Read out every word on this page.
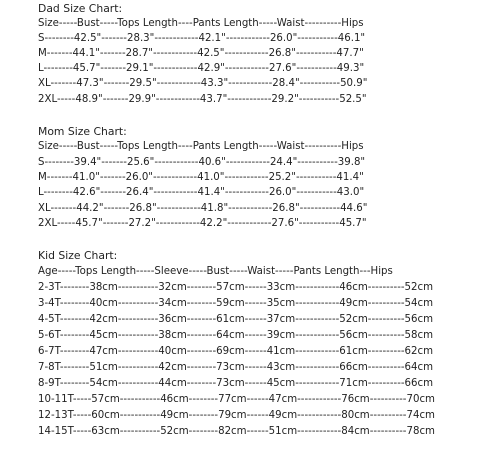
Dad Size Chart:
Size-----Bust-----Tops Length----Pants Length-----Waist----------Hips
S--------42.5"-------28.3"------------42.1"------------26.0"-----------46.1"
M-------44.1"-------28.7"------------42.5"------------26.8"-----------47.7"
L--------45.7"-------29.1"------------42.9"------------27.6"-----------49.3"
XL-------47.3"-------29.5"------------43.3"------------28.4"-----------50.9"
2XL-----48.9"-------29.9"------------43.7"------------29.2"-----------52.5"
Mom Size Chart:
Size-----Bust-----Tops Length----Pants Length-----Waist----------Hips
S--------39.4"-------25.6"------------40.6"------------24.4"-----------39.8"
M-------41.0"-------26.0"------------41.0"------------25.2"-----------41.4"
L--------42.6"-------26.4"------------41.4"------------26.0"-----------43.0"
XL-------44.2"-------26.8"------------41.8"------------26.8"-----------44.6"
2XL-----45.7"-------27.2"------------42.2"------------27.6"-----------45.7"
Kid Size Chart:
Age-----Tops Length-----Sleeve-----Bust-----Waist-----Pants Length---Hips
2-3T--------38cm-----------32cm--------57cm------33cm------------46cm----------52cm
3-4T--------40cm-----------34cm--------59cm------35cm------------49cm----------54cm
4-5T--------42cm-----------36cm--------61cm------37cm------------52cm----------56cm
5-6T--------45cm-----------38cm--------64cm------39cm------------56cm----------58cm
6-7T--------47cm-----------40cm--------69cm------41cm------------61cm----------62cm
7-8T--------51cm-----------42cm--------73cm------43cm------------66cm----------64cm
8-9T--------54cm-----------44cm--------73cm------45cm------------71cm----------66cm
10-11T-----57cm-----------46cm--------77cm------47cm------------76cm----------70cm
12-13T-----60cm-----------49cm--------79cm------49cm------------80cm----------74cm
14-15T-----63cm-----------52cm--------82cm------51cm------------84cm----------78cm
